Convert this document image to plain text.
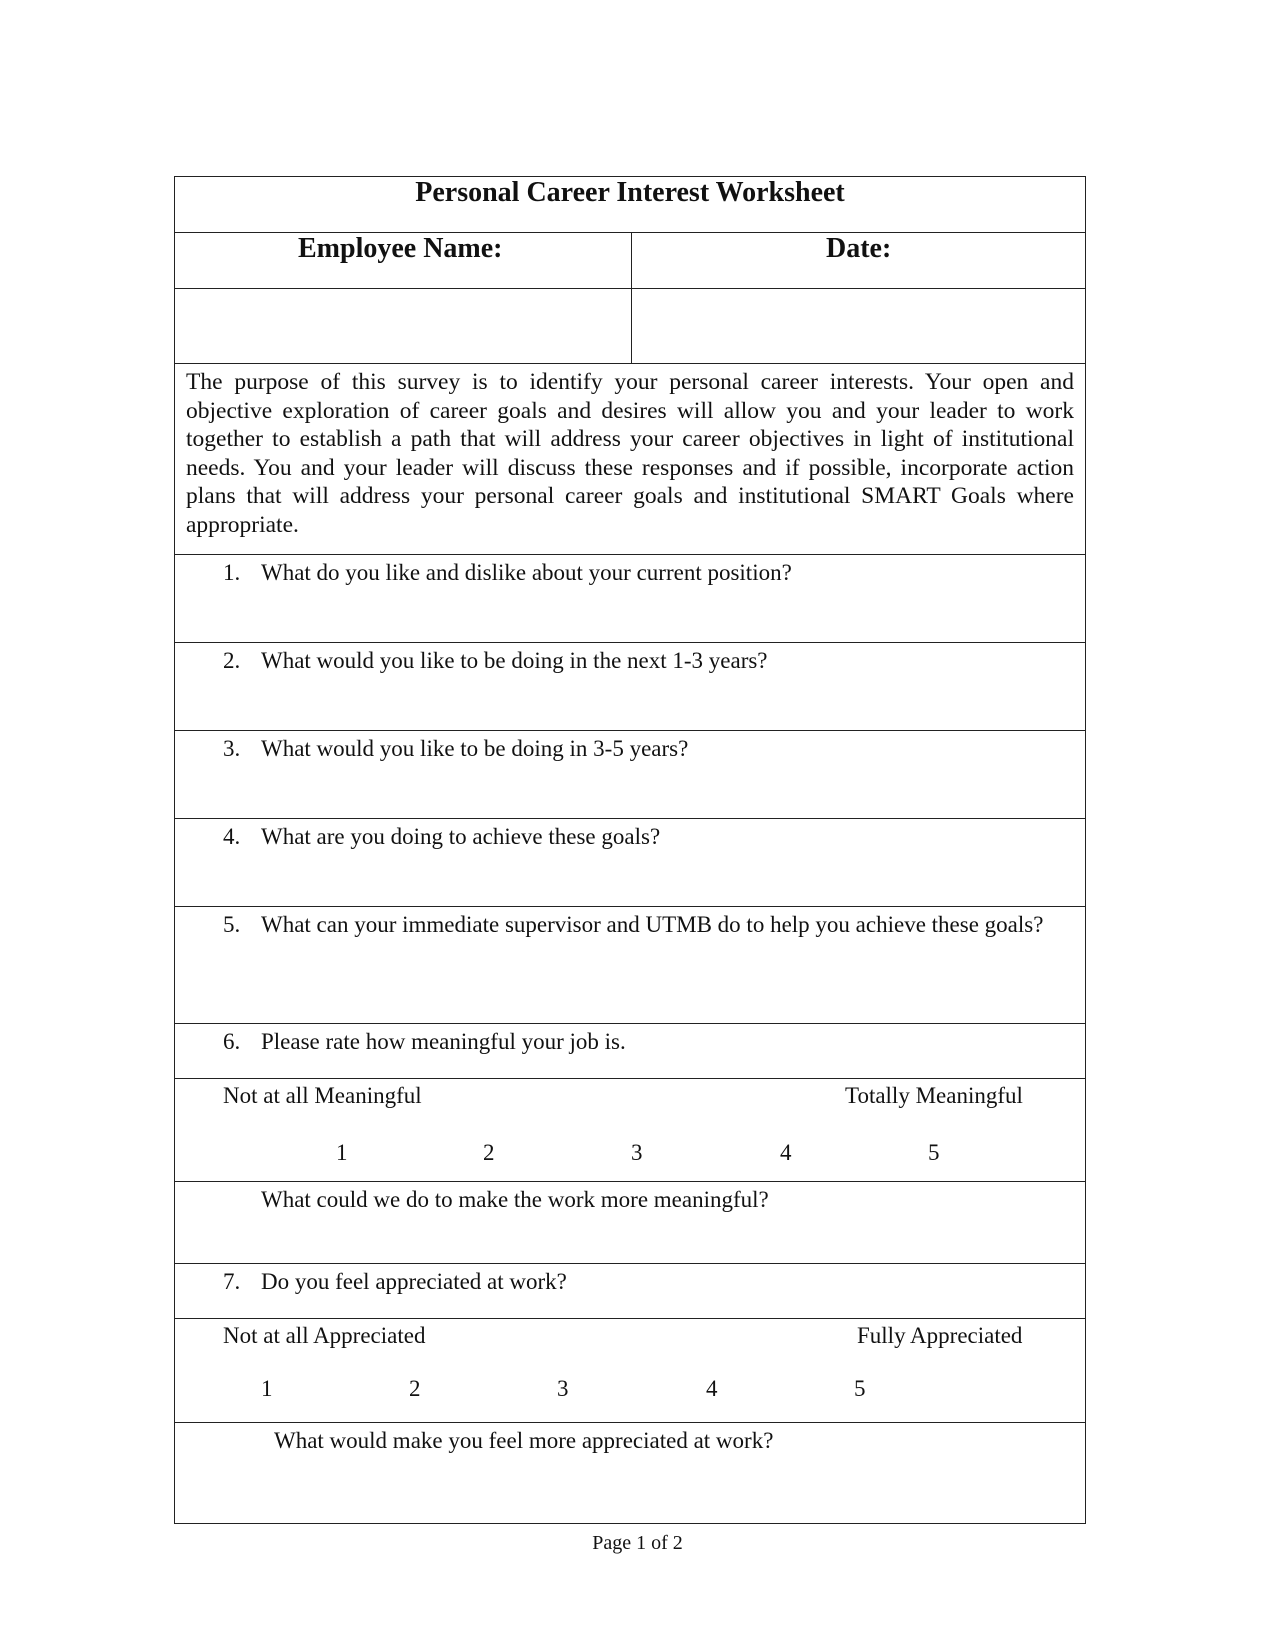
Personal Career Interest Worksheet
Employee Name:	Date:
The purpose of this survey is to identify your personal career interests. Your open and objective exploration of career goals and desires will allow you and your leader to work together to establish a path that will address your career objectives in light of institutional needs. You and your leader will discuss these responses and if possible, incorporate action plans that will address your personal career goals and institutional SMART Goals where appropriate.
1. What do you like and dislike about your current position?
2. What would you like to be doing in the next 1-3 years?
3. What would you like to be doing in 3-5 years?
4. What are you doing to achieve these goals?
5. What can your immediate supervisor and UTMB do to help you achieve these goals?
6. Please rate how meaningful your job is.
Not at all Meaningful	Totally Meaningful
1	2	3	4	5
What could we do to make the work more meaningful?
7. Do you feel appreciated at work?
Not at all Appreciated	Fully Appreciated
1	2	3	4	5
What would make you feel more appreciated at work?
Page 1 of 2
